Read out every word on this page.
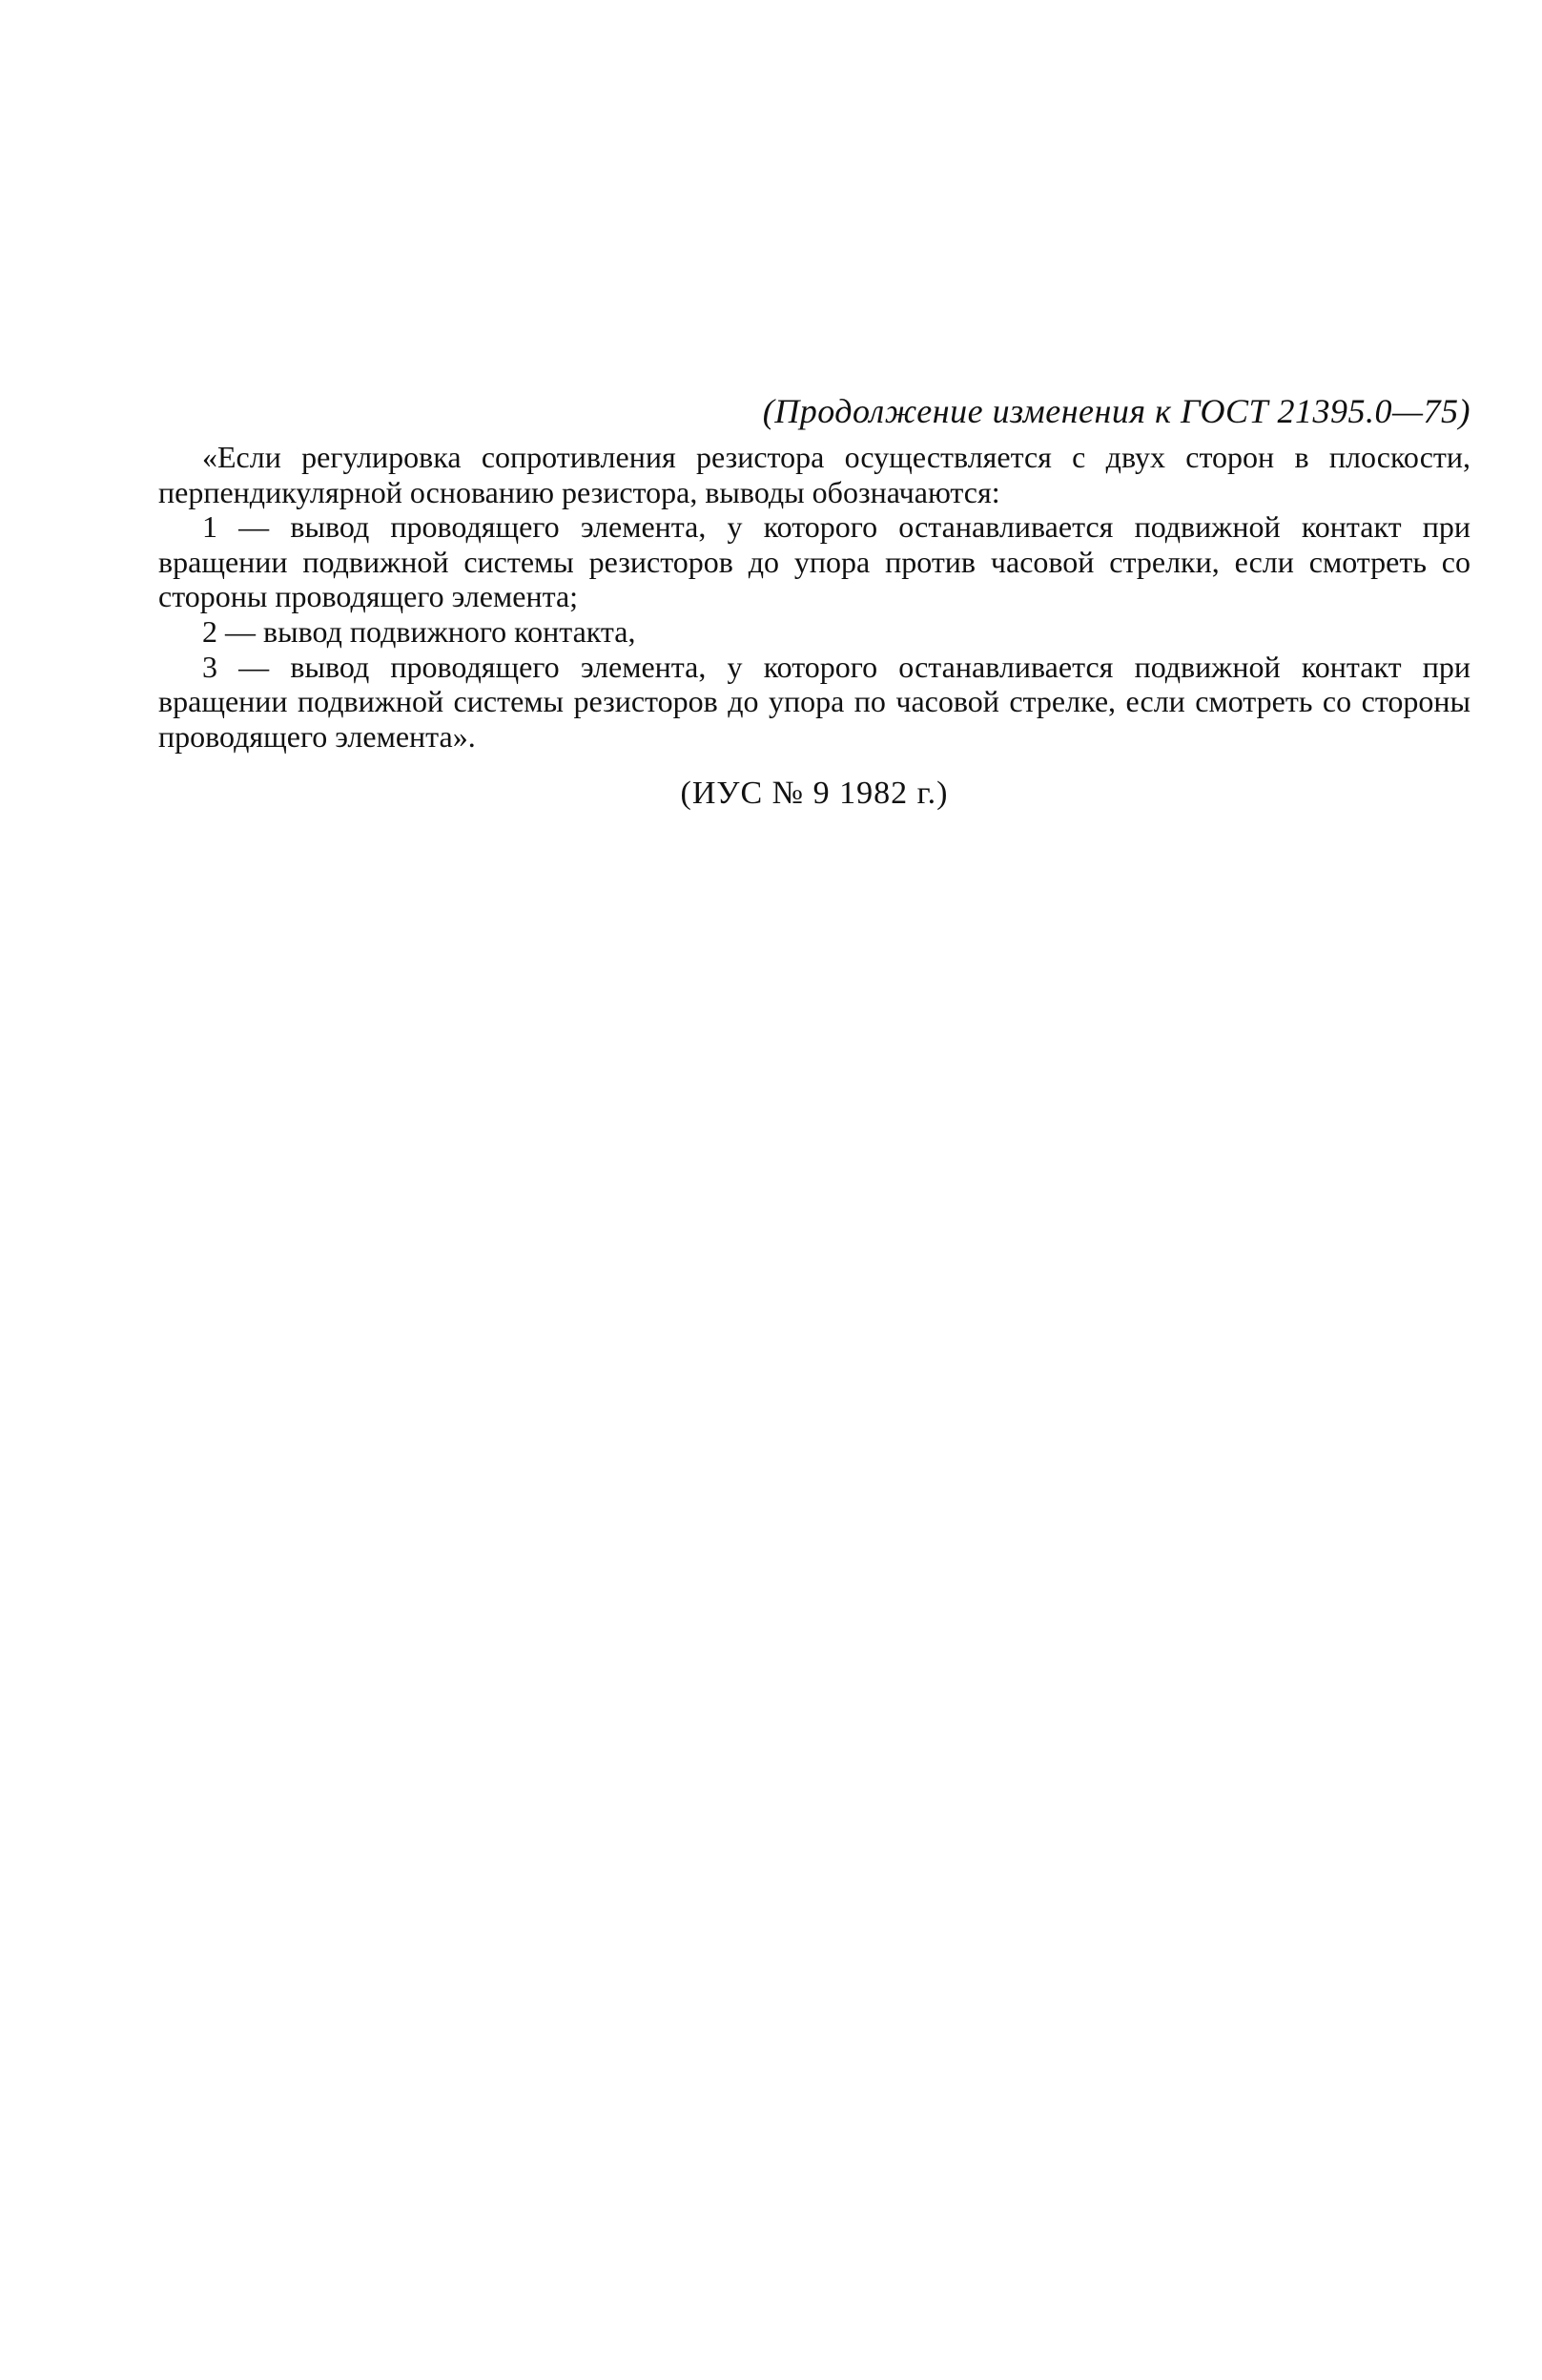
(Продолжение изменения к ГОСТ 21395.0—75)

«Если регулировка сопротивления резистора осуществляется с двух сторон в плоскости, перпендикулярной основанию резистора, выводы обозначаются:

1 — вывод проводящего элемента, у которого останавливается подвижной контакт при вращении подвижной системы резисторов до упора против часовой стрелки, если смотреть со стороны проводящего элемента;

2 — вывод подвижного контакта,

3 — вывод проводящего элемента, у которого останавливается подвижной контакт при вращении подвижной системы резисторов до упора по часовой стрелке, если смотреть со стороны проводящего элемента».

(ИУС № 9 1982 г.)
